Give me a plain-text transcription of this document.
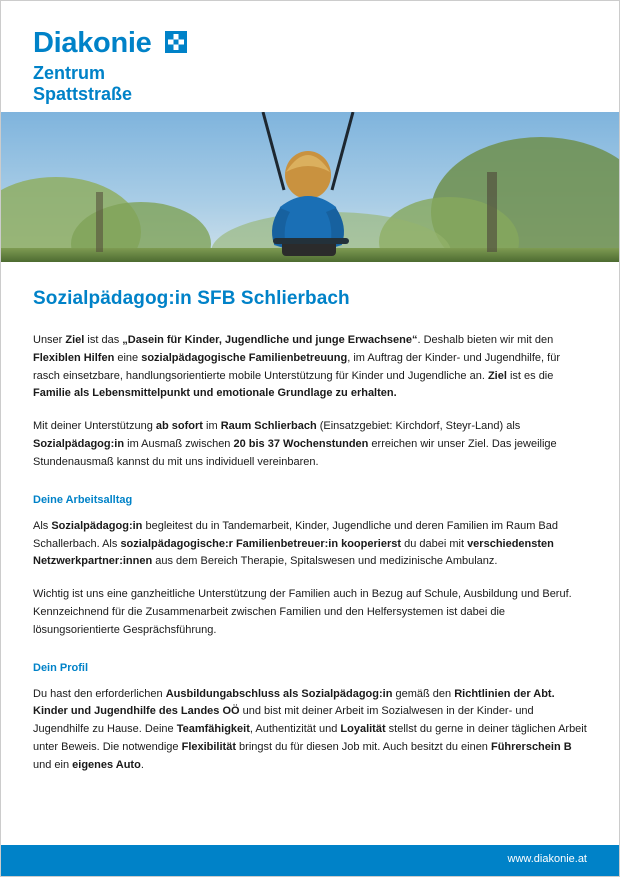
Diakonie
Zentrum
Spattstraße
Sozialpädagog:in SFB Schlierbach

Unser Ziel ist das „Dasein für Kinder, Jugendliche und junge Erwachsene“. Deshalb bieten wir mit den Flexiblen Hilfen eine sozialpädagogische Familienbetreuung, im Auftrag der Kinder- und Jugendhilfe, für rasch einsetzbare, handlungsorientierte mobile Unterstützung für Kinder und Jugendliche an. Ziel ist es die Familie als Lebensmittelpunkt und emotionale Grundlage zu erhalten.

Mit deiner Unterstützung ab sofort im Raum Schlierbach (Einsatzgebiet: Kirchdorf, Steyr-Land) als Sozialpädagog:in im Ausmaß zwischen 20 bis 37 Wochenstunden erreichen wir unser Ziel. Das jeweilige Stundenausmaß kannst du mit uns individuell vereinbaren.

Deine Arbeitsalltag

Als Sozialpädagog:in begleitest du in Tandemarbeit, Kinder, Jugendliche und deren Familien im Raum Bad Schallerbach. Als sozialpädagogische:r Familienbetreuer:in kooperierst du dabei mit verschiedensten Netzwerkpartner:innen aus dem Bereich Therapie, Spitalswesen und medizinische Ambulanz.

Wichtig ist uns eine ganzheitliche Unterstützung der Familien auch in Bezug auf Schule, Ausbildung und Beruf. Kennzeichnend für die Zusammenarbeit zwischen Familien und den Helfersystemen ist dabei die lösungsorientierte Gesprächsführung.

Dein Profil

Du hast den erforderlichen Ausbildungabschluss als Sozialpädagog:in gemäß den Richtlinien der Abt. Kinder und Jugendhilfe des Landes OÖ und bist mit deiner Arbeit im Sozialwesen in der Kinder- und Jugendhilfe zu Hause. Deine Teamfähigkeit, Authentizität und Loyalität stellst du gerne in deiner täglichen Arbeit unter Beweis. Die notwendige Flexibilität bringst du für diesen Job mit. Auch besitzt du einen Führerschein B und ein eigenes Auto.

www.diakonie.at
